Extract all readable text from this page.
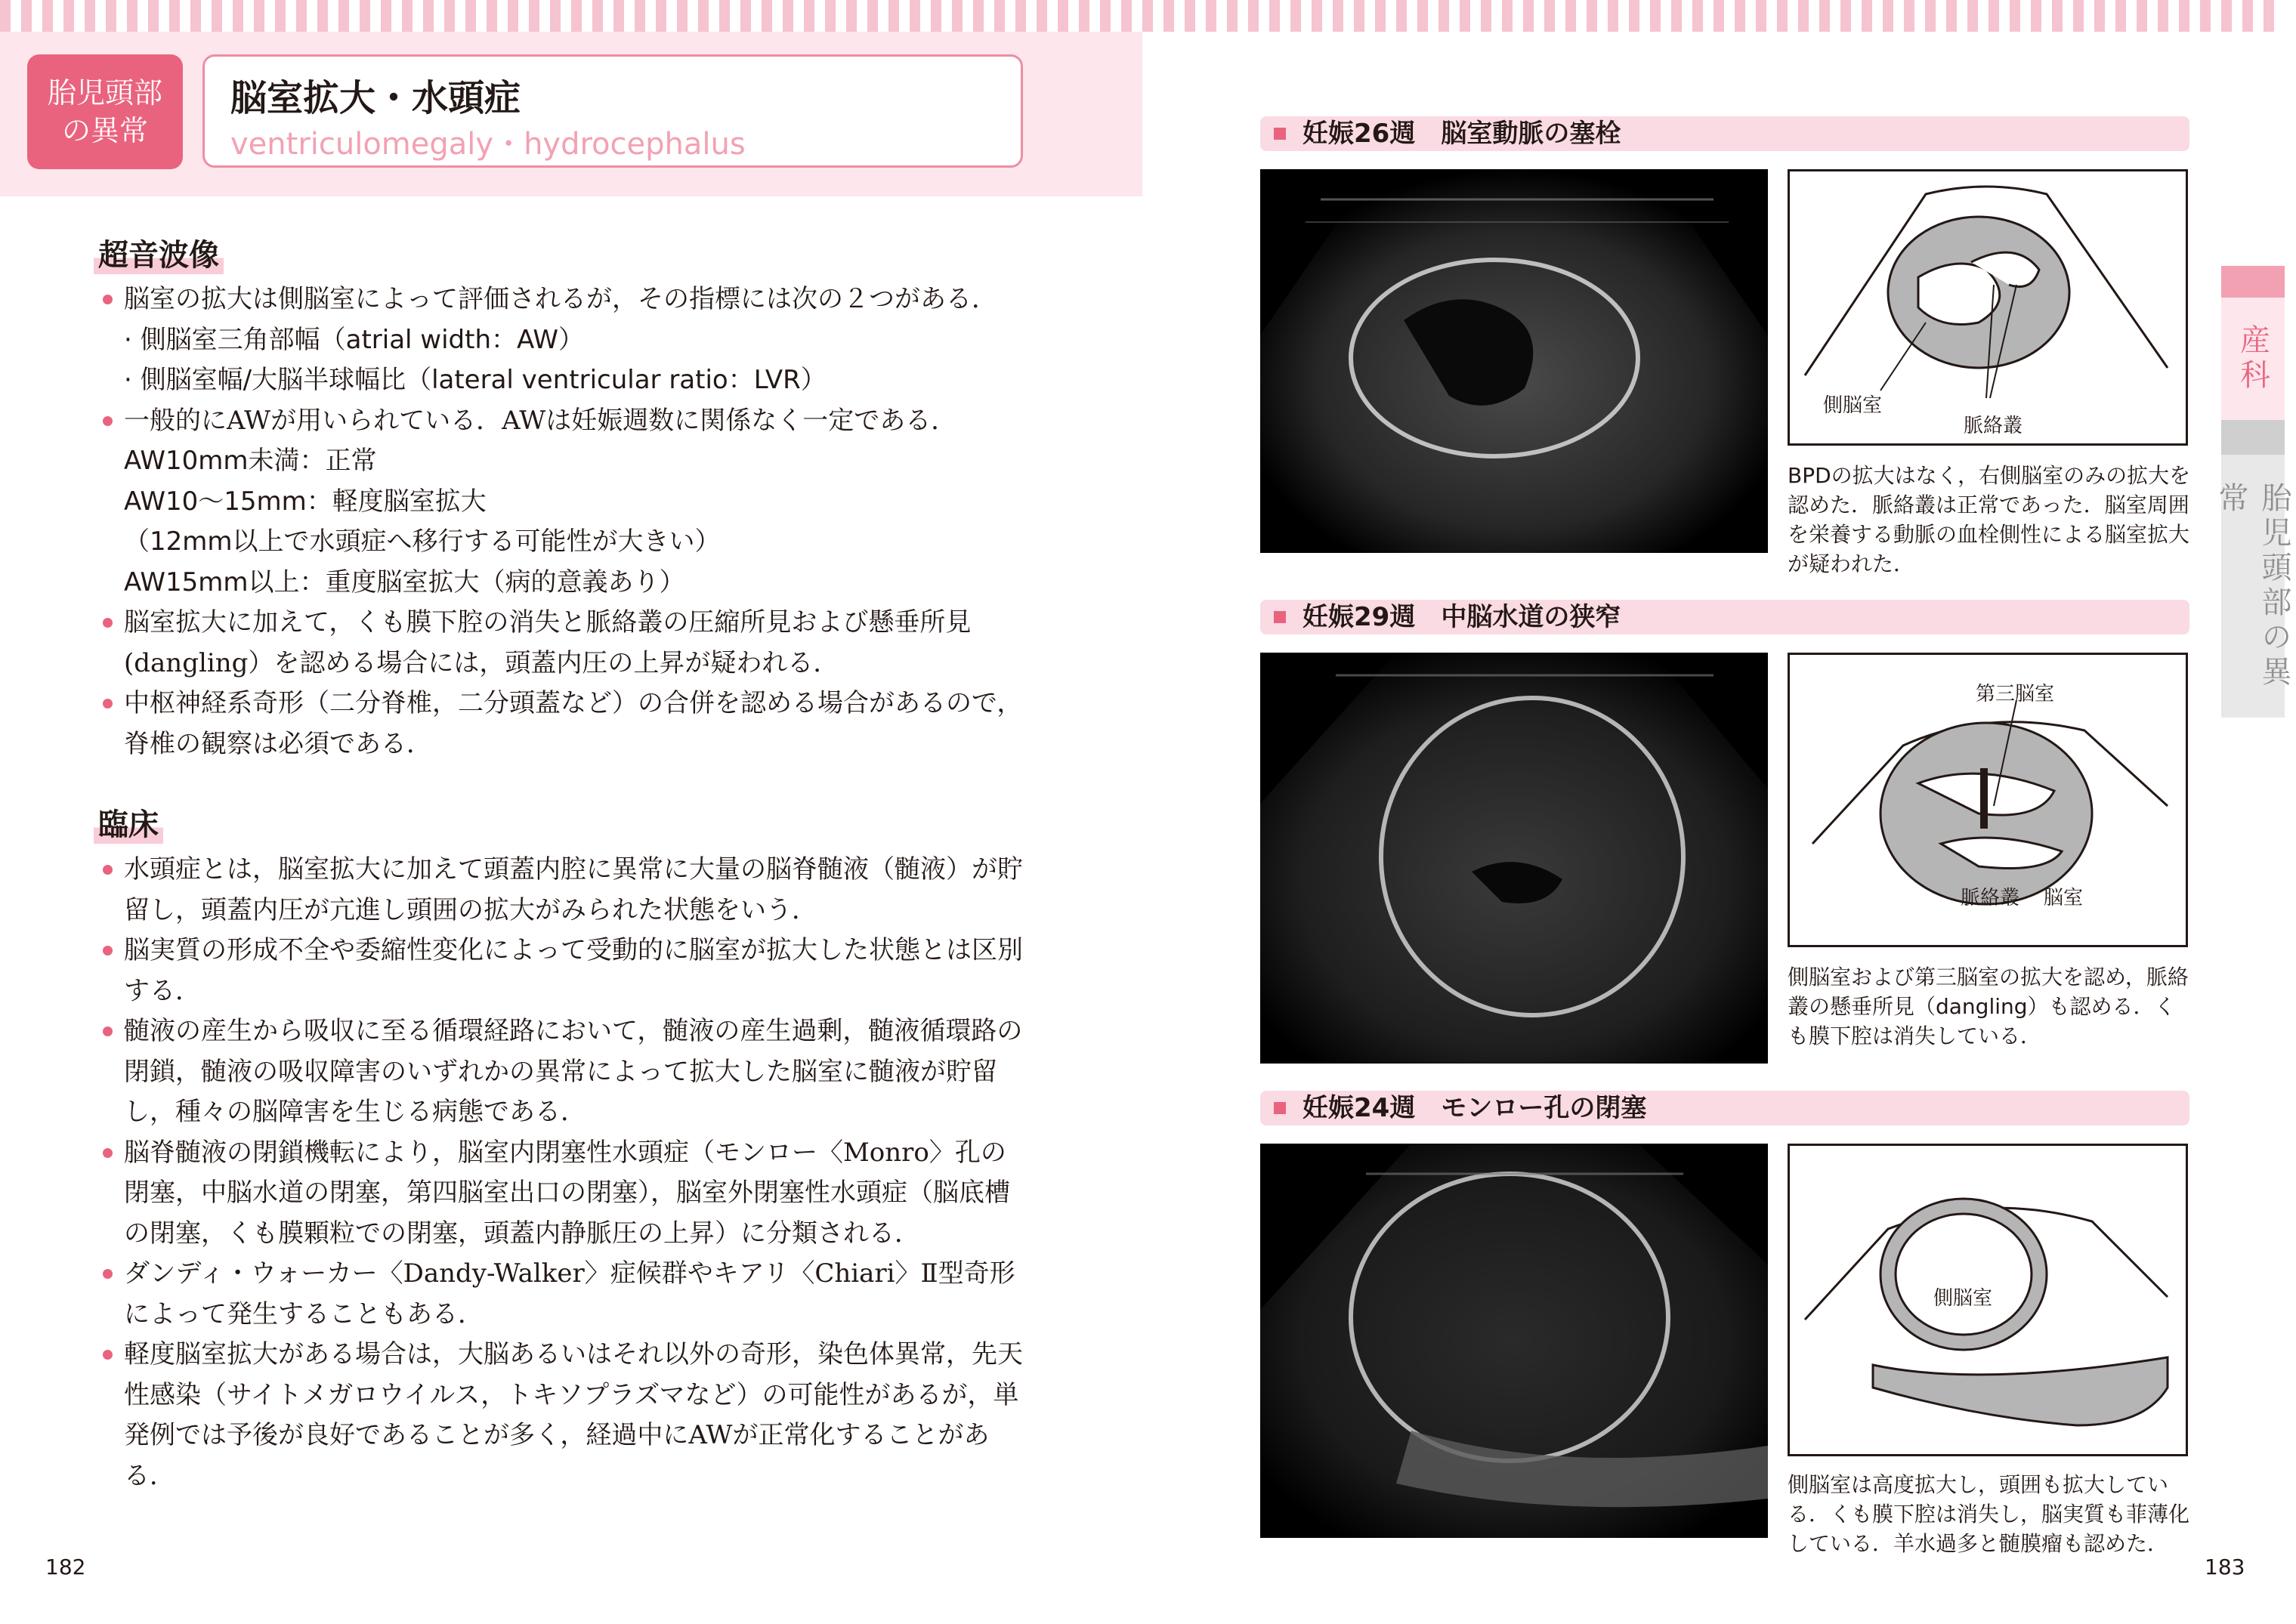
胎児頭部
の異常
脳室拡大・水頭症
ventriculomegaly・hydrocephalus
超音波像
脳室の拡大は側脳室によって評価されるが，その指標には次の２つがある．
· 側脳室三角部幅（atrial width：AW）
· 側脳室幅/大脳半球幅比（lateral ventricular ratio：LVR）
一般的にAWが用いられている．AWは妊娠週数に関係なく一定である．
AW10mm未満：正常
AW10～15mm：軽度脳室拡大
（12mm以上で水頭症へ移行する可能性が大きい）
AW15mm以上：重度脳室拡大（病的意義あり）
脳室拡大に加えて，くも膜下腔の消失と脈絡叢の圧縮所見および懸垂所見(dangling）を認める場合には，頭蓋内圧の上昇が疑われる．
中枢神経系奇形（二分脊椎，二分頭蓋など）の合併を認める場合があるので，脊椎の観察は必須である．
臨床
水頭症とは，脳室拡大に加えて頭蓋内腔に異常に大量の脳脊髄液（髄液）が貯留し，頭蓋内圧が亢進し頭囲の拡大がみられた状態をいう．
脳実質の形成不全や委縮性変化によって受動的に脳室が拡大した状態とは区別する．
髄液の産生から吸収に至る循環経路において，髄液の産生過剰，髄液循環路の閉鎖，髄液の吸収障害のいずれかの異常によって拡大した脳室に髄液が貯留し，種々の脳障害を生じる病態である．
脳脊髄液の閉鎖機転により，脳室内閉塞性水頭症（モンロー〈Monro〉孔の閉塞，中脳水道の閉塞，第四脳室出口の閉塞），脳室外閉塞性水頭症（脳底槽の閉塞，くも膜顆粒での閉塞，頭蓋内静脈圧の上昇）に分類される．
ダンディ・ウォーカー〈Dandy-Walker〉症候群やキアリ〈Chiari〉Ⅱ型奇形によって発生することもある．
軽度脳室拡大がある場合は，大脳あるいはそれ以外の奇形，染色体異常，先天性感染（サイトメガロウイルス，トキソプラズマなど）の可能性があるが，単発例では予後が良好であることが多く，経過中にAWが正常化することがある．
182	183
妊娠26週　脳室動脈の塞栓
側脳室
脈絡叢

BPDの拡大はなく，右側脳室のみの拡大を認めた．脈絡叢は正常であった．脳室周囲を栄養する動脈の血栓側性による脳室拡大が疑われた．

妊娠29週　中脳水道の狭窄
第三脳室
脈絡叢 脳室

側脳室および第三脳室の拡大を認め，脈絡叢の懸垂所見（dangling）も認める．くも膜下腔は消失している．

妊娠24週　モンロー孔の閉塞
側脳室

側脳室は高度拡大し，頭囲も拡大している．くも膜下腔は消失し，脳実質も菲薄化している．羊水過多と髄膜瘤も認めた．

産科
胎児頭部の異常
